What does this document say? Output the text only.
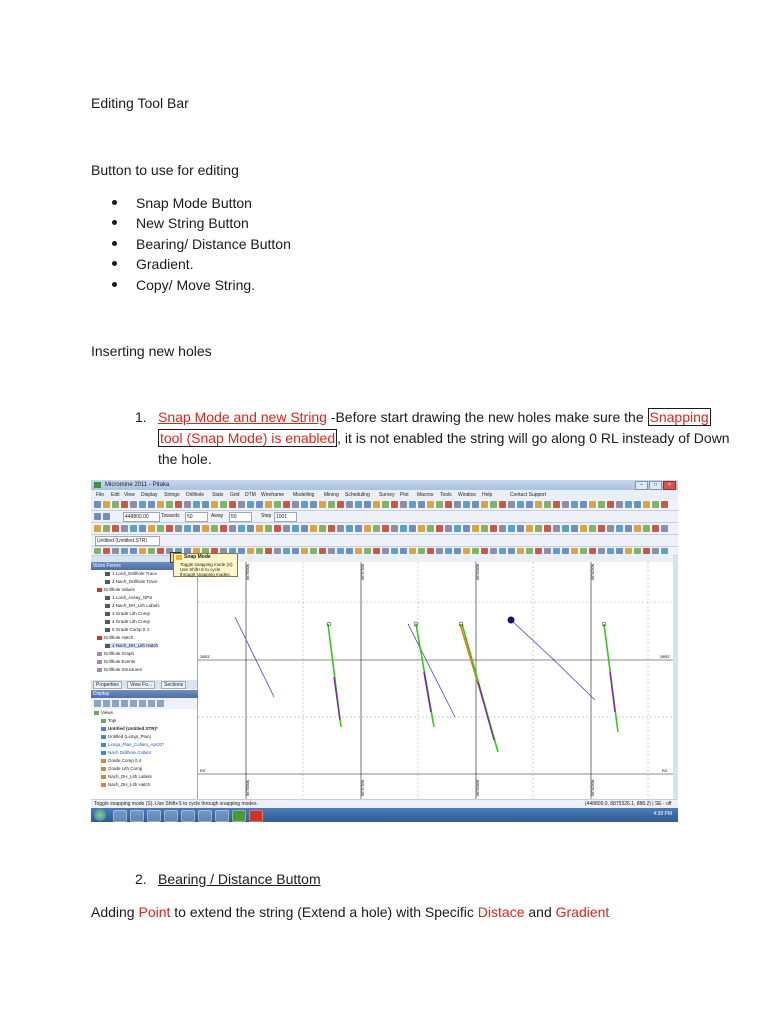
Editing Tool Bar
Button to use for editing
Snap Mode Button
New String Button
Bearing/ Distance Button
Gradient.
Copy/ Move String.
Inserting new holes
1. Snap Mode and new String -Before start drawing the new holes make sure the Snapping
tool (Snap Mode) is enabled , it is not enabled the string will go along 0 RL insteady of Down
the hole.
Micromine 2011 - Pitaka	–	□	×
File Edit View Display Strings Drillhole Stats Grid DTM Wireframe Modelling Mining Scheduling Survey Plot Macros Tools Window Help	Contact Support
448800.00	Towards	50	Away	50	Step 1001
Untitled (Untitled.STR)
Vizex Forms
1 Lordi_Drillhole Trace
2 Nach_Drillhole Trace
Drillhole Values
1 Lordi_Assay_NPS
2 Nach_DH_Lith Labels
3 Grade Lith Comp
4 Grade Lith Comp
5 Grade Comp 0.4
Drillhole Hatch
1 Nach_DH_Lith Hatch
Drillhole Graph
Drillhole Events
Drillhole Structures
Properties	View Fo...	Sections
Display
Views
Topi
Untitled (Untitled.STR)*
Untitled (Lionja_Plan)
Lionja_Plan_Collars_Apr22*
Nach Drillhole Collars
Grade Comp 0.4
Grade Lith Comp
Nach_DH_Lith Labels
Nach_DH_Lith Hatch
8875550N	8875750N	8876000N	8876250N
8875550N	8875750N	8876000N	8876250N
28RZ	28RZ
RZ	RZ
·
·
·
·
·
·
·
·
·
Snap Mode
Toggle snapping mode (S). Use Shift+S to cycle through snapping modes.
Toggle snapping mode (S). Use Shift+S to cycle through snapping modes.	(448800.0, 8875326.1, 888.2) | SE - off
4:38 PM
2. Bearing / Distance Buttom
Adding Point to extend the string (Extend a hole) with Specific Distace and Gradient
